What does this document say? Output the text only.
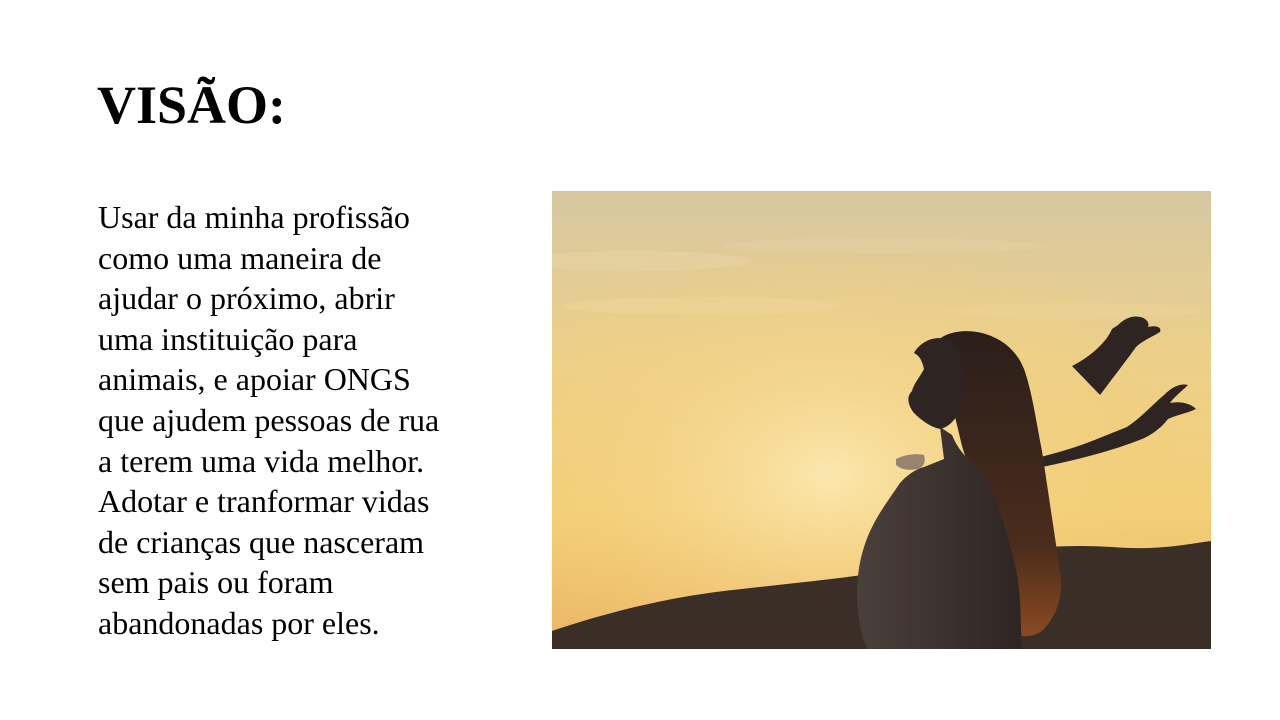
VISÃO:

Usar da minha profissão
como uma maneira de
ajudar o próximo, abrir
uma instituição para
animais, e apoiar ONGS
que ajudem pessoas de rua
a terem uma vida melhor.
Adotar e tranformar vidas
de crianças que nasceram
sem pais ou foram
abandonadas por eles.
